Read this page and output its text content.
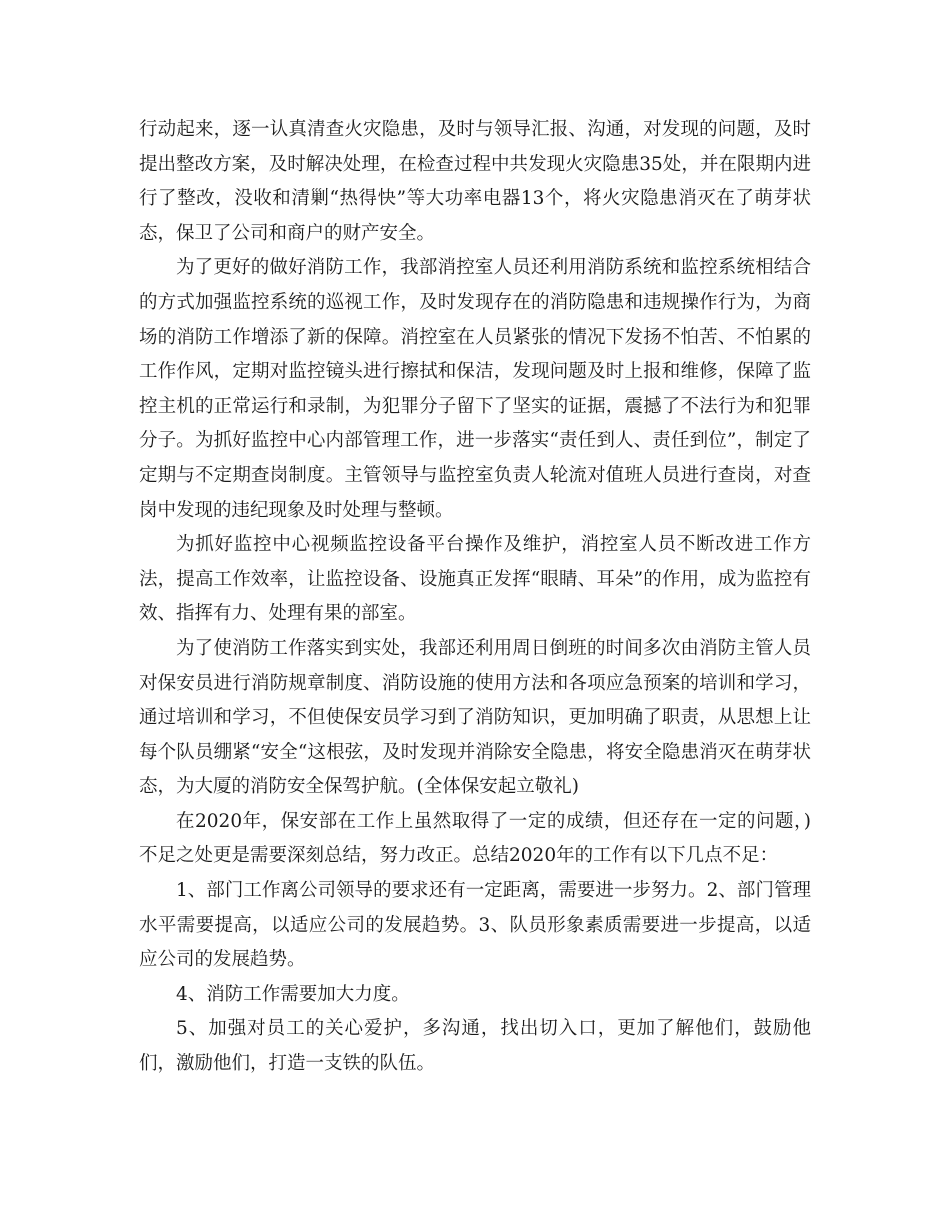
行动起来，逐一认真清查火灾隐患，及时与领导汇报、沟通，对发现的问题，及时提出整改方案，及时解决处理，在检查过程中共发现火灾隐患35处，并在限期内进行了整改，没收和清剿“热得快”等大功率电器13个，将火灾隐患消灭在了萌芽状态，保卫了公司和商户的财产安全。

为了更好的做好消防工作，我部消控室人员还利用消防系统和监控系统相结合的方式加强监控系统的巡视工作，及时发现存在的消防隐患和违规操作行为，为商场的消防工作增添了新的保障。消控室在人员紧张的情况下发扬不怕苦、不怕累的工作作风，定期对监控镜头进行擦拭和保洁，发现问题及时上报和维修，保障了监控主机的正常运行和录制，为犯罪分子留下了坚实的证据，震撼了不法行为和犯罪分子。为抓好监控中心内部管理工作，进一步落实“责任到人、责任到位”，制定了定期与不定期查岗制度。主管领导与监控室负责人轮流对值班人员进行查岗，对查岗中发现的违纪现象及时处理与整顿。

为抓好监控中心视频监控设备平台操作及维护，消控室人员不断改进工作方法，提高工作效率，让监控设备、设施真正发挥“眼睛、耳朵”的作用，成为监控有效、指挥有力、处理有果的部室。

为了使消防工作落实到实处，我部还利用周日倒班的时间多次由消防主管人员对保安员进行消防规章制度、消防设施的使用方法和各项应急预案的培训和学习，通过培训和学习，不但使保安员学习到了消防知识，更加明确了职责，从思想上让每个队员绷紧“安全“这根弦，及时发现并消除安全隐患，将安全隐患消灭在萌芽状态，为大厦的消防安全保驾护航。(全体保安起立敬礼)

在2020年，保安部在工作上虽然取得了一定的成绩，但还存在一定的问题，)不足之处更是需要深刻总结，努力改正。总结2020年的工作有以下几点不足：

1、部门工作离公司领导的要求还有一定距离，需要进一步努力。2、部门管理水平需要提高，以适应公司的发展趋势。3、队员形象素质需要进一步提高，以适应公司的发展趋势。

4、消防工作需要加大力度。

5、加强对员工的关心爱护，多沟通，找出切入口，更加了解他们，鼓励他们，激励他们，打造一支铁的队伍。
